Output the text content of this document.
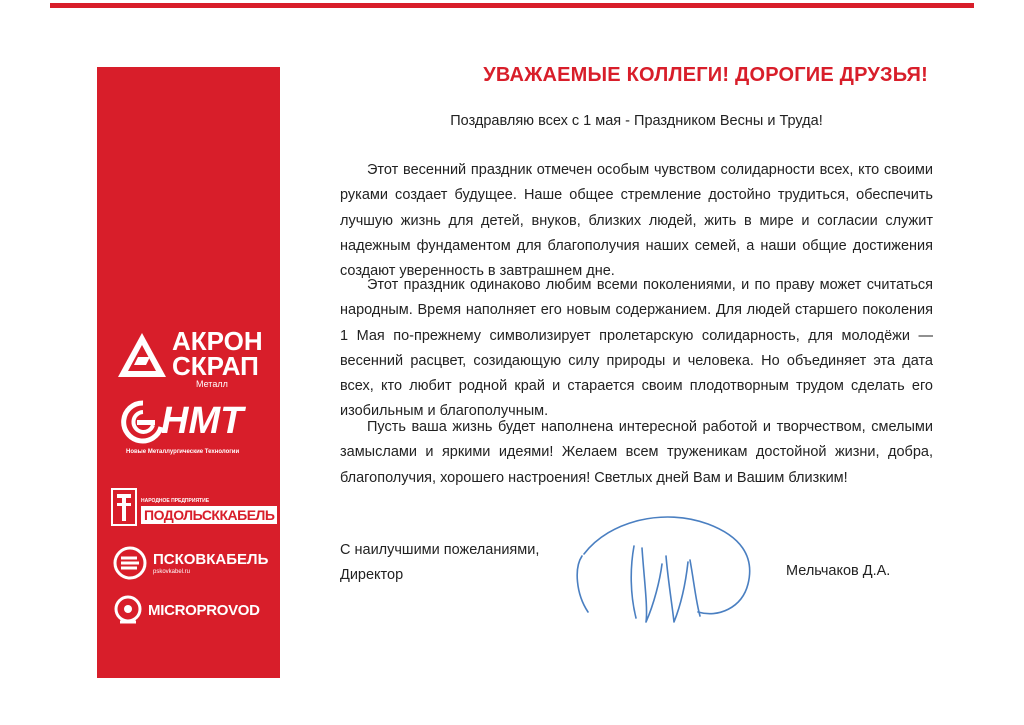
АКРОН
СКРАП
Металл
НМТ
Новые Металлургические Технологии
НАРОДНОЕ ПРЕДПРИЯТИЕ
ПОДОЛЬСККАБЕЛЬ
ПСКОВКАБЕЛЬ
pskovkabel.ru
MICROPROVOD
УВАЖАЕМЫЕ КОЛЛЕГИ! ДОРОГИЕ ДРУЗЬЯ!
Поздравляю всех с 1 мая - Праздником Весны и Труда!

Этот весенний праздник отмечен особым чувством солидарности всех, кто своими руками создает будущее. Наше общее стремление достойно трудиться, обеспечить лучшую жизнь для детей, внуков, близких людей, жить в мире и согласии служит надежным фундаментом для благополучия наших семей, а наши общие достижения создают уверенность в завтрашнем дне.

Этот праздник одинаково любим всеми поколениями, и по праву может считаться народным. Время наполняет его новым содержанием. Для людей старшего поколения 1 Мая по-прежнему символизирует пролетарскую солидарность, для молодёжи — весенний расцвет, созидающую силу природы и человека. Но объединяет эта дата всех, кто любит родной край и старается своим плодотворным трудом сделать его изобильным и благополучным.

Пусть ваша жизнь будет наполнена интересной работой и творчеством, смелыми замыслами и яркими идеями! Желаем всем труженикам достойной жизни, добра, благополучия, хорошего настроения! Светлых дней Вам и Вашим близким!

С наилучшими пожеланиями,
Директор	Мельчаков Д.А.
